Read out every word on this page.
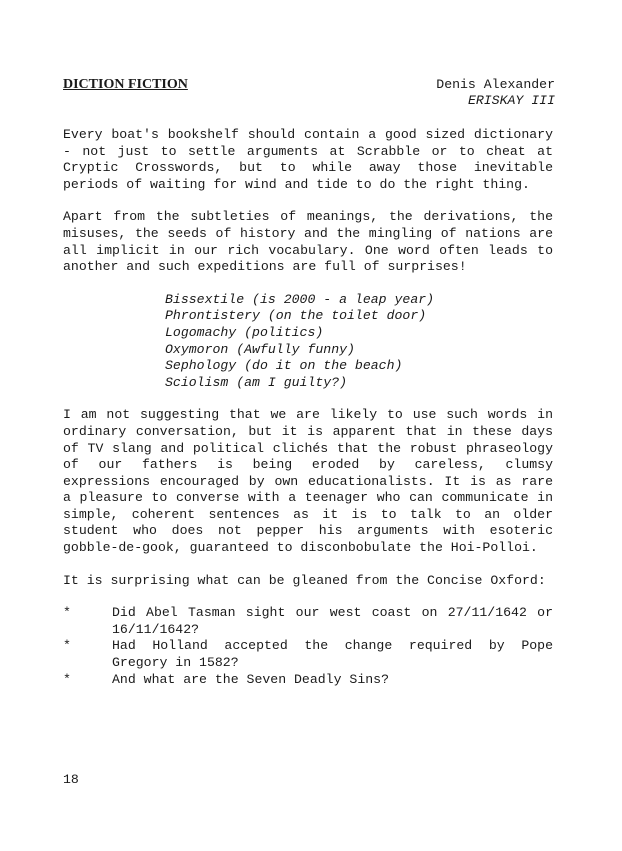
DICTION FICTION	Denis Alexander
ERISKAY III

Every boat's bookshelf should contain a good sized dictionary - not just to settle arguments at Scrabble or to cheat at Cryptic Crosswords, but to while away those inevitable periods of waiting for wind and tide to do the right thing.

Apart from the subtleties of meanings, the derivations, the misuses, the seeds of history and the mingling of nations are all implicit in our rich vocabulary. One word often leads to another and such expeditions are full of surprises!

Bissextile (is 2000 - a leap year)
Phrontistery (on the toilet door)
Logomachy (politics)
Oxymoron (Awfully funny)
Sephology (do it on the beach)
Sciolism (am I guilty?)

I am not suggesting that we are likely to use such words in ordinary conversation, but it is apparent that in these days of TV slang and political clichés that the robust phraseology of our fathers is being eroded by careless, clumsy expressions encouraged by own educationalists. It is as rare a pleasure to converse with a teenager who can communicate in simple, coherent sentences as it is to talk to an older student who does not pepper his arguments with esoteric gobble-de-gook, guaranteed to disconbobulate the Hoi-Polloi.

It is surprising what can be gleaned from the Concise Oxford:

*	Did Abel Tasman sight our west coast on 27/11/1642 or 16/11/1642?
*	Had Holland accepted the change required by Pope Gregory in 1582?
*	And what are the Seven Deadly Sins?
18
